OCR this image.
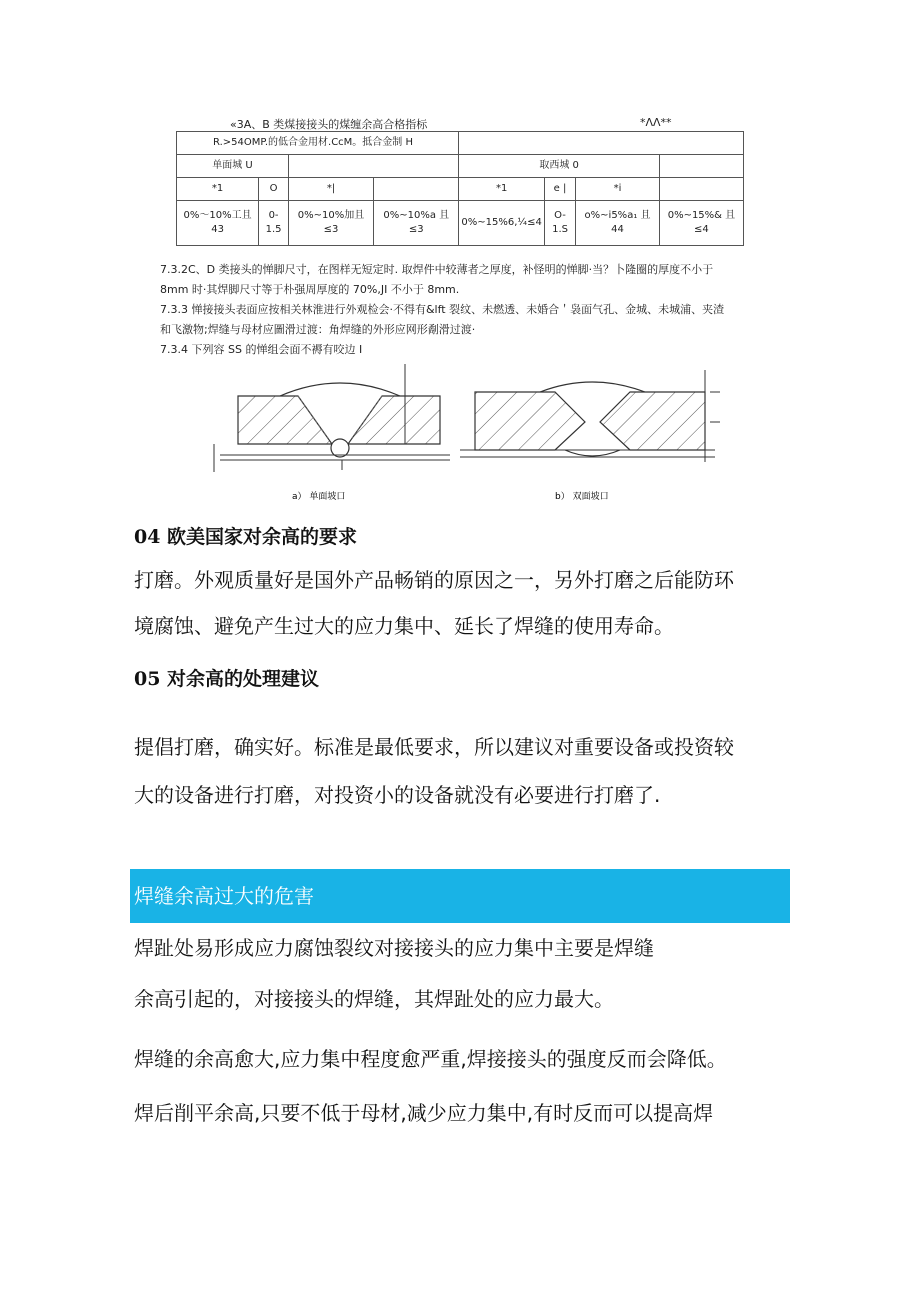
«3A、B 类煤接接头的煤缠余高合格指标	*ΛΛ**
R.>54OMP.的低合金用材.CcM。抵合金制 H							
单面城 U				取西城 0			
*1	O	*|		*1	e |	*i	
0%～10%工且 43	0-1.5	0%~10%加且 ≤3	0%~10%a 且 ≤3	0%~15%6,¼≤4	O-1.S	o%~i5%a₁ 且 44	0%~15%& 且≤4
7.3.2C、D 类接头的惮脚尺寸，在图样无短定时. 取焊件中较薄者之厚度，补怪明的惮脚·当？卜隆圈的厚度不小于
8mm 时·其焊脚尺寸等于朴强周厚度的 70%,JI 不小于 8mm.
7.3.3 惮接接头表面应按相关林淮进行外观检会·不得有&lft 裂纹、未燃透、未婚合＇袅面气孔、金城、未城浦、夹渣
和飞激物;焊缝与母材应圖滑过渡：角焊缝的外形应网形劀滑过渡·
7.3.4 下列容 SS 的惮组会面不褥有咬边 I
a） 单面坡口	b） 双面坡口
04 欧美国家对余高的要求
打磨。外观质量好是国外产品畅销的原因之一，另外打磨之后能防环
境腐蚀、避免产生过大的应力集中、延长了焊缝的使用寿命。
05 对余高的处理建议
提倡打磨，确实好。标准是最低要求，所以建议对重要设备或投资较
大的设备进行打磨，对投资小的设备就没有必要进行打磨了.
焊缝余高过大的危害
焊趾处易形成应力腐蚀裂纹对接接头的应力集中主要是焊缝
余高引起的，对接接头的焊缝，其焊趾处的应力最大。
焊缝的余高愈大,应力集中程度愈严重,焊接接头的强度反而会降低。
焊后削平余高,只要不低于母材,减少应力集中,有时反而可以提高焊
